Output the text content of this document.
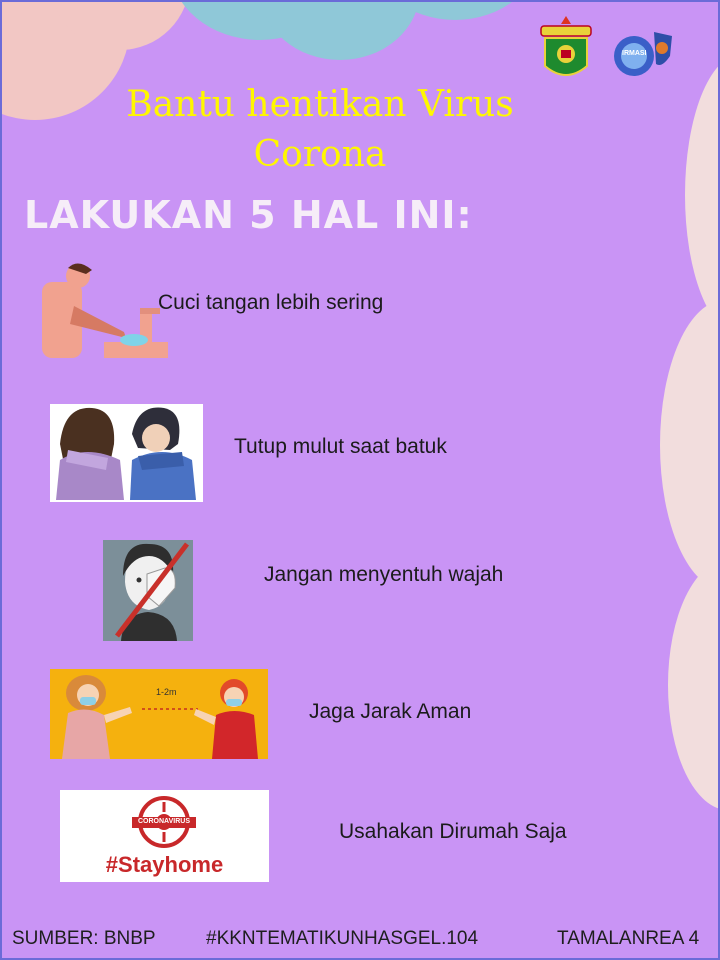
IRMASI
Bantu hentikan Virus
Corona
LAKUKAN 5 HAL INI:
Cuci tangan lebih sering
Tutup mulut saat batuk
Jangan menyentuh wajah
1-2m
Jaga Jarak Aman
CORONAVIRUS
#Stayhome
Usahakan Dirumah Saja
SUMBER: BNBP	#KKNTEMATIKUNHASGEL.104	TAMALANREA 4
